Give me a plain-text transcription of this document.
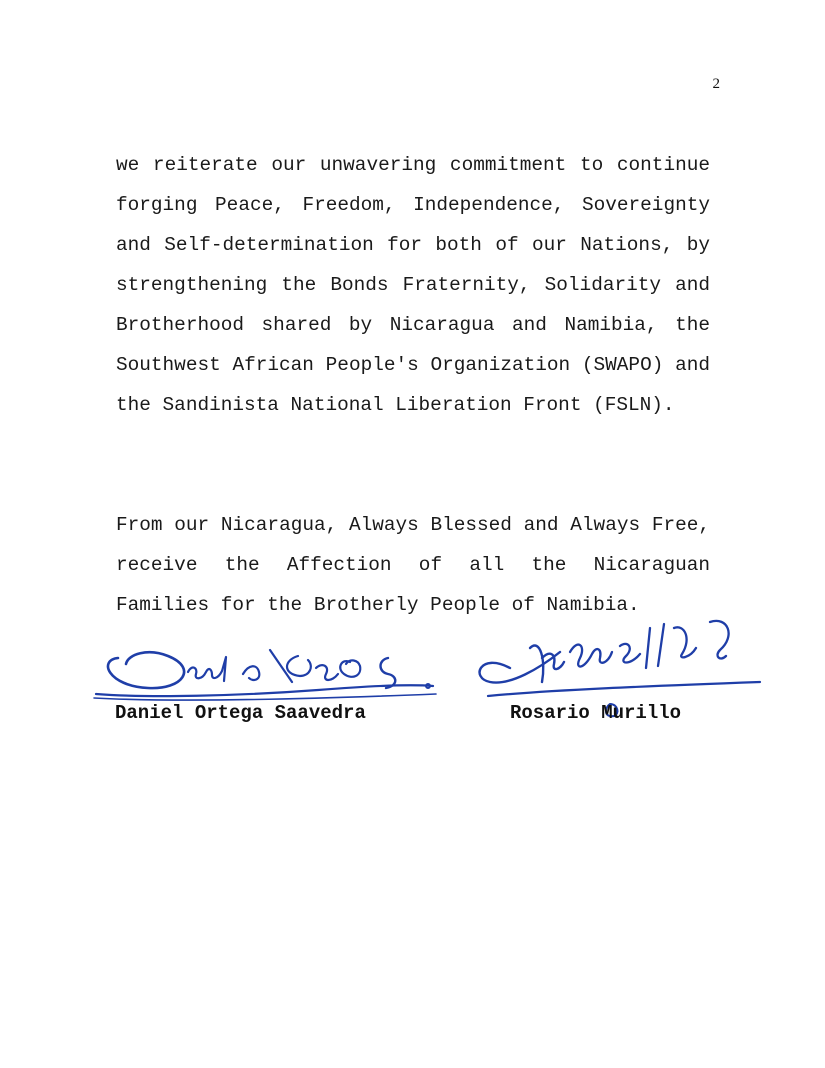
2

we reiterate our unwavering commitment to continue forging Peace, Freedom, Independence, Sovereignty and Self-determination for both of our Nations, by strengthening the Bonds Fraternity, Solidarity and Brotherhood shared by Nicaragua and Namibia, the Southwest African People's Organization (SWAPO) and the Sandinista National Liberation Front (FSLN).

From our Nicaragua, Always Blessed and Always Free, receive the Affection of all the Nicaraguan Families for the Brotherly People of Namibia.

Daniel Ortega Saavedra	Rosario Murillo
